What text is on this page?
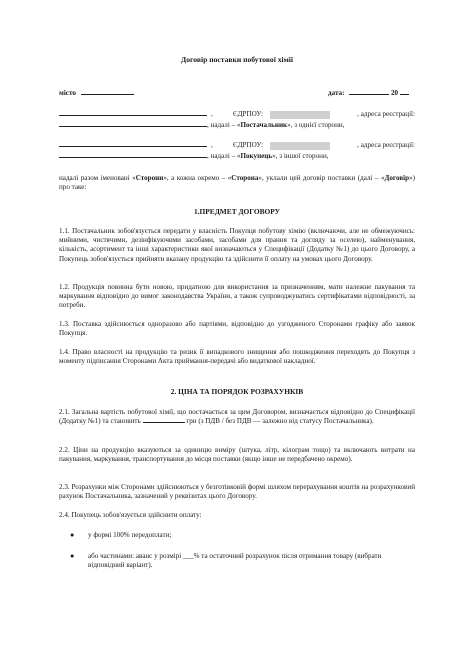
Договір поставки побутової хімії
місто	дата:	20
,	ЄДРПОУ:	, адреса реєстрації:
, надалі – «Постачальник», з однієї сторони,
,	ЄДРПОУ:	, адреса реєстрації:
, надалі – «Покупець», з іншої сторони,
надалі разом іменовані «Сторони», а кожна окремо – «Сторона», уклали цей договір поставки (далі – «Договір») про таке:
1.ПРЕДМЕТ ДОГОВОРУ
1.1. Постачальник зобов'язується передати у власність Покупця побутову хімію (включаючи, але не обмежуючись: мийними, чистячими, дезінфікуючими засобами, засобами для прання та догляду за оселею), найменування, кількість, асортимент та інші характеристики якої визначаються у Специфікації (Додатку №1) до цього Договору, а Покупець зобов'язується прийняти вказану продукцію та здійснити її оплату на умовах цього Договору.
1.2. Продукція повинна бути новою, придатною для використання за призначенням, мати належне пакування та маркування відповідно до вимог законодавства України, а також супроводжуватись сертифікатами відповідності, за потреби.
1.3. Поставка здійснюється одноразово або партіями, відповідно до узгодженого Сторонами графіку або заявок Покупця.
1.4. Право власності на продукцію та ризик її випадкового знищення або пошкодження переходять до Покупця з моменту підписання Сторонами Акта приймання-передачі або видаткової накладної.
2. ЦІНА ТА ПОРЯДОК РОЗРАХУНКІВ
2.1. Загальна вартість побутової хімії, що постачається за цим Договором, визначається відповідно до Специфікації (Додатку №1) та становить	грн (з ПДВ / без ПДВ — залежно від статусу Постачальника).
2.2. Ціни на продукцію вказуються за одиницю виміру (штука, літр, кілограм тощо) та включають витрати на пакування, маркування, транспортування до місця поставки (якщо інше не передбачено окремо).
2.3. Розрахунки між Сторонами здійснюються у безготівковій формі шляхом перерахування коштів на розрахунковий рахунок Постачальника, зазначений у реквізитах цього Договору.
2.4. Покупець зобов'язується здійснити оплату:
● у формі 100% передоплати;
● або частинами: аванс у розмірі ___% та остаточний розрахунок після отримання товару (вибрати відповідний варіант).
